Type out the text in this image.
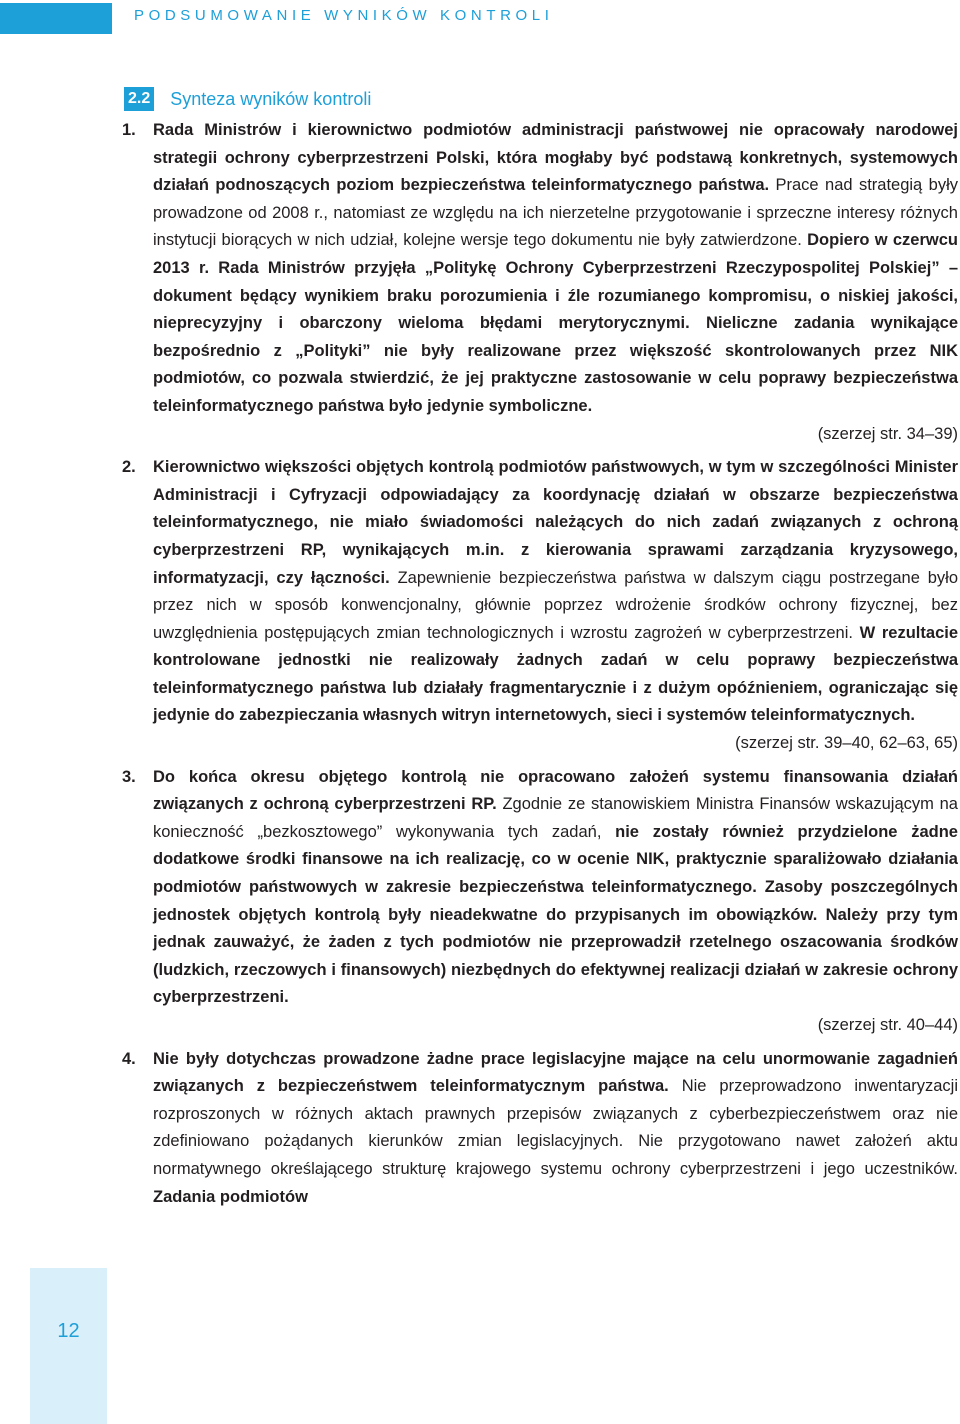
PODSUMOWANIE WYNIKÓW KONTROLI
2.2 Synteza wyników kontroli
1. Rada Ministrów i kierownictwo podmiotów administracji państwowej nie opracowały narodowej strategii ochrony cyberprzestrzeni Polski, która mogłaby być podstawą konkretnych, systemowych działań podnoszących poziom bezpieczeństwa teleinformatycznego państwa. Prace nad strategią były prowadzone od 2008 r., natomiast ze względu na ich nierzetelne przygotowanie i sprzeczne interesy różnych instytucji biorących w nich udział, kolejne wersje tego dokumentu nie były zatwierdzone. Dopiero w czerwcu 2013 r. Rada Ministrów przyjęła „Politykę Ochrony Cyberprzestrzeni Rzeczypospolitej Polskiej” – dokument będący wynikiem braku porozumienia i źle rozumianego kompromisu, o niskiej jakości, nieprecyzyjny i obarczony wieloma błędami merytorycznymi. Nieliczne zadania wynikające bezpośrednio z „Polityki” nie były realizowane przez większość skontrolowanych przez NIK podmiotów, co pozwala stwierdzić, że jej praktyczne zastosowanie w celu poprawy bezpieczeństwa teleinformatycznego państwa było jedynie symboliczne.

(szerzej str. 34–39)

2. Kierownictwo większości objętych kontrolą podmiotów państwowych, w tym w szczególności Minister Administracji i Cyfryzacji odpowiadający za koordynację działań w obszarze bezpieczeństwa teleinformatycznego, nie miało świadomości należących do nich zadań związanych z ochroną cyberprzestrzeni RP, wynikających m.in. z kierowania sprawami zarządzania kryzysowego, informatyzacji, czy łączności. Zapewnienie bezpieczeństwa państwa w dalszym ciągu postrzegane było przez nich w sposób konwencjonalny, głównie poprzez wdrożenie środków ochrony fizycznej, bez uwzględnienia postępujących zmian technologicznych i wzrostu zagrożeń w cyberprzestrzeni. W rezultacie kontrolowane jednostki nie realizowały żadnych zadań w celu poprawy bezpieczeństwa teleinformatycznego państwa lub działały fragmentarycznie i z dużym opóźnieniem, ograniczając się jedynie do zabezpieczania własnych witryn internetowych, sieci i systemów teleinformatycznych.

(szerzej str. 39–40, 62–63, 65)

3. Do końca okresu objętego kontrolą nie opracowano założeń systemu finansowania działań związanych z ochroną cyberprzestrzeni RP. Zgodnie ze stanowiskiem Ministra Finansów wskazującym na konieczność „bezkosztowego” wykonywania tych zadań, nie zostały również przydzielone żadne dodatkowe środki finansowe na ich realizację, co w ocenie NIK, praktycznie sparaliżowało działania podmiotów państwowych w zakresie bezpieczeństwa teleinformatycznego. Zasoby poszczególnych jednostek objętych kontrolą były nieadekwatne do przypisanych im obowiązków. Należy przy tym jednak zauważyć, że żaden z tych podmiotów nie przeprowadził rzetelnego oszacowania środków (ludzkich, rzeczowych i finansowych) niezbędnych do efektywnej realizacji działań w zakresie ochrony cyberprzestrzeni.

(szerzej str. 40–44)

4. Nie były dotychczas prowadzone żadne prace legislacyjne mające na celu unormowanie zagadnień związanych z bezpieczeństwem teleinformatycznym państwa. Nie przeprowadzono inwentaryzacji rozproszonych w różnych aktach prawnych przepisów związanych z cyberbezpieczeństwem oraz nie zdefiniowano pożądanych kierunków zmian legislacyjnych. Nie przygotowano nawet założeń aktu normatywnego określającego strukturę krajowego systemu ochrony cyberprzestrzeni i jego uczestników. Zadania podmiotów

12
